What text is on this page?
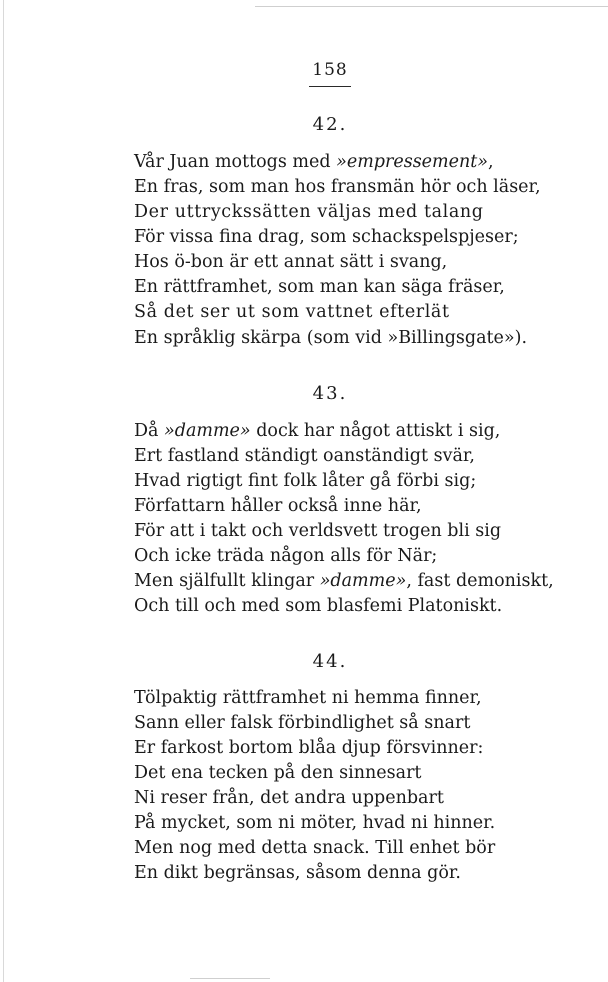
158
42.
Vår Juan mottogs med »empressement»,
En fras, som man hos fransmän hör och läser,
Der uttryckssätten väljas med talang
För vissa fina drag, som schackspelspjeser;
Hos ö-bon är ett annat sätt i svang,
En rättframhet, som man kan säga fräser,
Så det ser ut som vattnet efterlät
En språklig skärpa (som vid »Billingsgate»).
43.
Då »damme» dock har något attiskt i sig,
Ert fastland ständigt oanständigt svär,
Hvad rigtigt fint folk låter gå förbi sig;
Författarn håller också inne här,
För att i takt och verldsvett trogen bli sig
Och icke träda någon alls för När;
Men själfullt klingar »damme», fast demoniskt,
Och till och med som blasfemi Platoniskt.
44.
Tölpaktig rättframhet ni hemma finner,
Sann eller falsk förbindlighet så snart
Er farkost bortom blåa djup försvinner:
Det ena tecken på den sinnesart
Ni reser från, det andra uppenbart
På mycket, som ni möter, hvad ni hinner.
Men nog med detta snack. Till enhet bör
En dikt begränsas, såsom denna gör.
